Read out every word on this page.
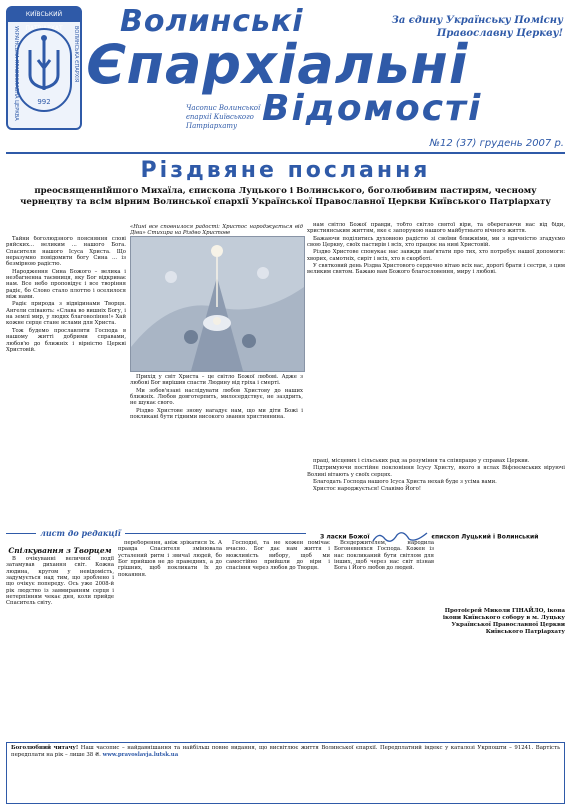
КИЇВСЬКИЙ ПАТРІАРХАТ
УКРАЇНСЬКА ПРАВОСЛАВНА ЦЕРКВА	ВОЛИНСЬКА ЄПАРХІЯ
992
Волинські
Єпархіальні
Відомості
Часопис Волинської єпархії Київського Патріархату
За єдину Українську Помісну Православну Церкву!
№12 (37) грудень 2007 р.
Різдвяне послання
преосвященнійшого Михаїла, єпископа Луцького і Волинського, боголюбивим пастирям, чесному чернецтву та всім вірним Волинської єпархії Української Православної Церкви Київського Патріархату

Тайни боголюдзного поясняння слові ряйских... великим ... нашого Бога. Спасителя нашого Ісуса Христа. Що неразумно повiдомити богу Сина ... із безмiрною радістю.

Народження Сина Божого – велика і незбагненна таємниця, яку Бог відкриває нам. Все небо проповідує і все творіння радіє, бо Слово стало плоттю і оселилося між нами.

Радіє природа з відвідинами Творця. Ангели співають: «Слава во вишніх Богу, і на землі мир, у людях благовоління!» Хай кожне серце стане яслами для Христа.

Тож будемо прославляти Господа в нашому житті добрими справами, любов'ю до ближніх і вірністю Церкві Христовій.

«Нині все сповнилося радості: Христос народжується від Діви» Стихира на Різдво Христове

Прихід у світ Христа – це світло Божої любові. Адже з любові Бог вирішив спасти Людину від гріха і смерті.

Ми зобов'язані наслідувати любов Христову до наших ближніх. Любов довготерпить, милосердствує, не заздрить, не шукає свого.

Різдво Христове знову нагадує нам, що ми діти Божі і покликані бути гідними високого звання християнина.

нам світло Божої правди, тобто світло святої віри, та оберегаючи нас від біди, християнським життям, яке є запорукою нашого майбутнього вічного життя.

Бажаючи поділитись духовною радістю зі своїми ближніми, ми з вдячністю згадуємо свою Церкву, своїх пастирів і всіх, хто працює на ниві Христовій.

Різдво Христове спонукає нас завжди пам'ятати про тих, хто потребує нашої допомоги: хворих, самотніх, сиріт і всіх, хто в скорботі.

У святковий день Різдва Христового сердечно вітаю всіх вас, дорогі брати і сестри, з цим великим святом. Бажаю вам Божого благословення, миру і любові.

праці, місцевих і сільських рад за розуміння та співпрацю у справах Церкви.

Підтримуючи постійне поклоніння Ісусу Христу, якого в яслах Віфлеємських віруючі Волині вітають у своїх серцях.

Благодать Господа нашого Ісуса Христа нехай буде з усіма вами.

Христос народжується! Славімо Його!

З ласки Божої	єпископ Луцький і Волинський
лист до редакції
Спілкування з Творцем

В очікуванні величної події затамував дихання світ. Кожна людина, кругом у невідомість, задумується над тим, що зроблено і що очікує попереду. Ось уже 2008-й рік людство із завмиранням серця і нетерпінням чекає дня, коли прийде Спаситель світу.

переборення, аніж зрікатися їх. А правда Спасителя змінювала усталений ритм і звичаї людей, бо Бог прийшов не до праведних, а до грішних, щоб покликати їх до покаяння.

Господні, та не кожен помічає вчасно. Бог дає нам життя і можливість вибору, щоб ми самостійно прийшли до віри і спасіння через любов до Творця.

Вседержителем, народила Богоневняхся Господа. Кожен із нас покликаний бути світлом для інших, щоб через нас світ пізнав Бога і Його любов до людей.

Протоієрей Миколи ГІНАЙЛО, ікона ікони Київського собору в м. Луцьку Української Православної Церкви Київського Патріархату
Боголюбний читачу! Наш часопис – найдавнішання та найбільш повне видання, що висвітлює життя Волинської єпархії. Передплатний індекс у каталозі Укрпошти – 91241. Вартість передплати на рік – лише 38 ₴. www.pravoslavja.lutsk.ua
